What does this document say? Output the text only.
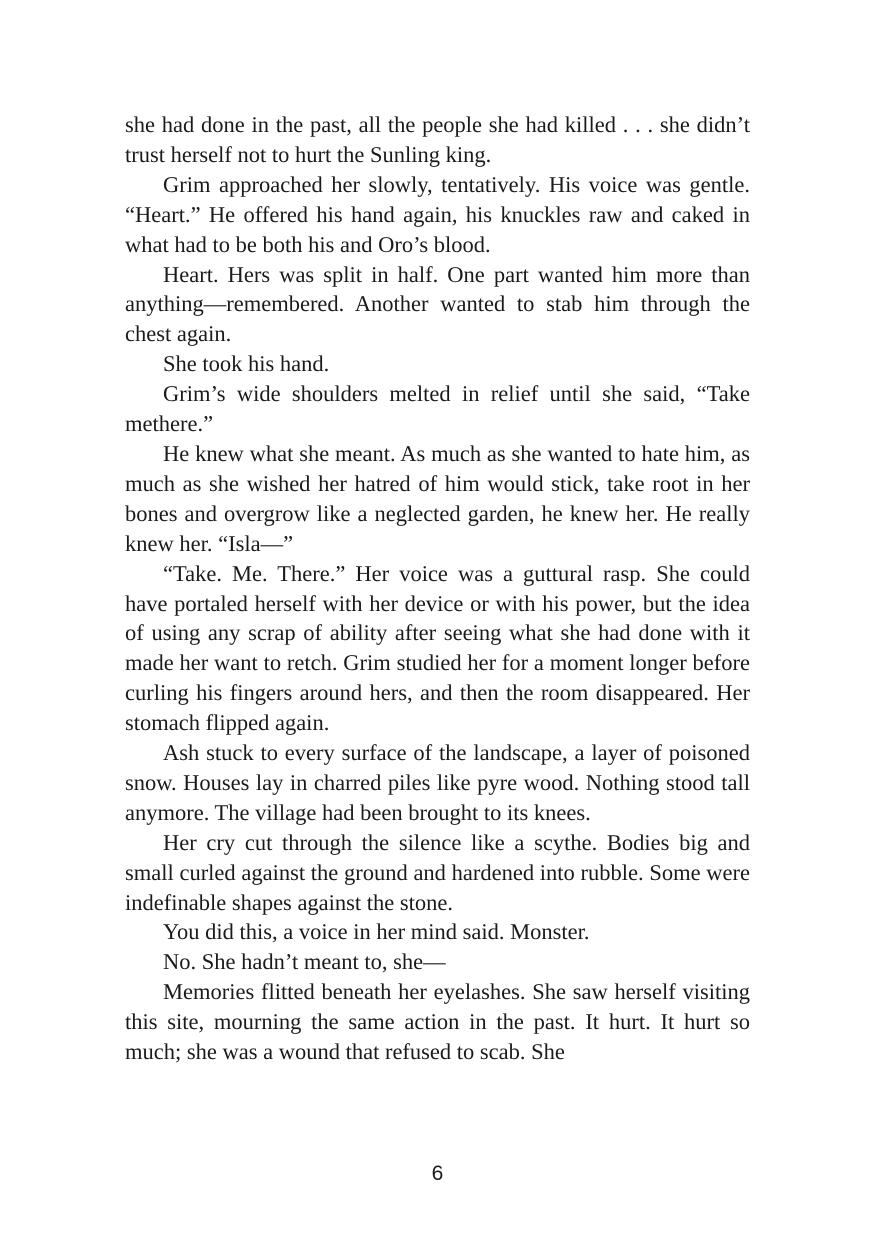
she had done in the past, all the people she had killed . . . she didn’t trust herself not to hurt the Sunling king.

Grim approached her slowly, tentatively. His voice was gentle. “Heart.” He offered his hand again, his knuckles raw and caked in what had to be both his and Oro’s blood.

Heart. Hers was split in half. One part wanted him more than anything—remembered. Another wanted to stab him through the chest again.

She took his hand.

Grim’s wide shoulders melted in relief until she said, “Take methere.”

He knew what she meant. As much as she wanted to hate him, as much as she wished her hatred of him would stick, take root in her bones and overgrow like a neglected garden, he knew her. He really knew her. “Isla—”

“Take. Me. There.” Her voice was a guttural rasp. She could have portaled herself with her device or with his power, but the idea of using any scrap of ability after seeing what she had done with it made her want to retch. Grim studied her for a moment longer before curling his fingers around hers, and then the room disappeared. Her stomach flipped again.

Ash stuck to every surface of the landscape, a layer of poisoned snow. Houses lay in charred piles like pyre wood. Nothing stood tall anymore. The village had been brought to its knees.

Her cry cut through the silence like a scythe. Bodies big and small curled against the ground and hardened into rubble. Some were indefinable shapes against the stone.

You did this, a voice in her mind said. Monster.

No. She hadn’t meant to, she—

Memories flitted beneath her eyelashes. She saw herself visiting this site, mourning the same action in the past. It hurt. It hurt so much; she was a wound that refused to scab. She

6
